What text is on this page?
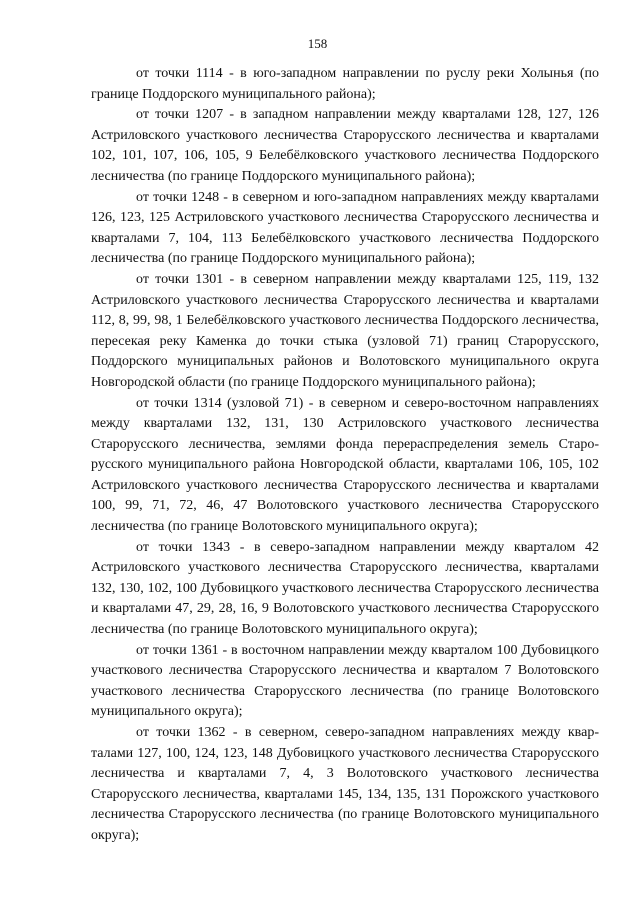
158

от точки 1114 - в юго-западном направлении по руслу реки Холынья (по границе Поддорского муниципального района);

от точки 1207 - в западном направлении между кварталами 128, 127, 126 Астриловского участкового лесничества Старорусского лесничества и кварталами 102, 101, 107, 106, 105, 9 Белебёлковского участкового лесничества Поддорского лесничества (по границе Поддорского муниципального района);

от точки 1248 - в северном и юго-западном направлениях между кварталами 126, 123, 125 Астриловского участкового лесничества Старорусского лесничества и кварталами 7, 104, 113 Белебёлковского участкового лесничества Поддорского лесничества (по границе Поддорского муниципального района);

от точки 1301 - в северном направлении между кварталами 125, 119, 132 Астриловского участкового лесничества Старорусского лесничества и кварталами 112, 8, 99, 98, 1 Белебёлковского участкового лесничества Поддорского лесничества, пересекая реку Каменка до точки стыка (узловой 71) границ Старорусского, Поддорского муниципальных районов и Волотовского муниципального округа Новгородской области (по границе Поддорского муниципального района);

от точки 1314 (узловой 71) - в северном и северо-восточном направлениях между кварталами 132, 131, 130 Астриловского участкового лесничества Старорусского лесничества, землями фонда перераспределения земель Старорусского муниципального района Новгородской области, кварталами 106, 105, 102 Астриловского участкового лесничества Старорусского лесничества и кварталами 100, 99, 71, 72, 46, 47 Волотовского участкового лесничества Старорусского лесничества (по границе Волотовского муниципального округа);

от точки 1343 - в северо-западном направлении между кварталом 42 Астриловского участкового лесничества Старорусского лесничества, кварталами 132, 130, 102, 100 Дубовицкого участкового лесничества Старорусского лесничества и кварталами 47, 29, 28, 16, 9 Волотовского участкового лесничества Старорусского лесничества (по границе Волотовского муниципального округа);

от точки 1361 - в восточном направлении между кварталом 100 Дубовицкого участкового лесничества Старорусского лесничества и кварталом 7 Волотовского участкового лесничества Старорусского лесничества (по границе Волотовского муниципального округа);

от точки 1362 - в северном, северо-западном направлениях между кварталами 127, 100, 124, 123, 148 Дубовицкого участкового лесничества Старорусского лесничества и кварталами 7, 4, 3 Волотовского участкового лесничества Старорусского лесничества, кварталами 145, 134, 135, 131 Порожского участкового лесничества Старорусского лесничества (по границе Волотовского муниципального округа);
